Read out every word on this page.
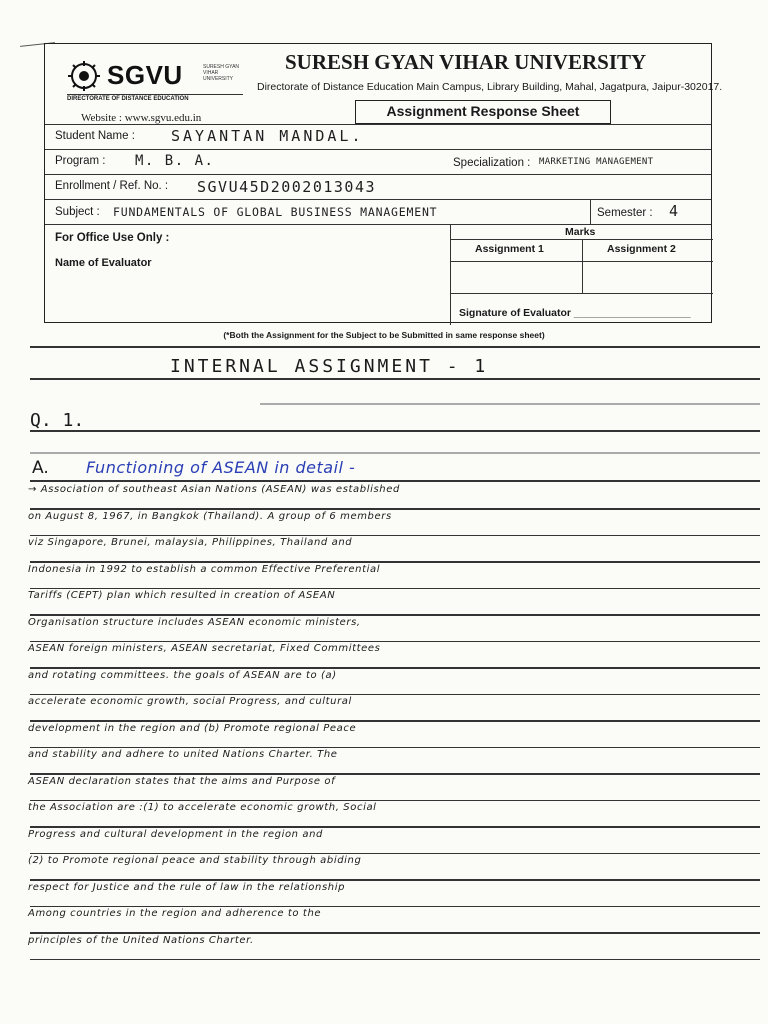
SGVU	SURESH GYAN VIHAR UNIVERSITY
DIRECTORATE OF DISTANCE EDUCATION
Website : www.sgvu.edu.in
SURESH GYAN VIHAR UNIVERSITY
Directorate of Distance Education Main Campus, Library Building, Mahal, Jagatpura, Jaipur-302017.
Assignment Response Sheet
Student Name : SAYANTAN MANDAL.
Program : M. B. A.	Specialization : MARKETING MANAGEMENT
Enrollment / Ref. No. : SGVU45D2002013043
Subject : FUNDAMENTALS OF GLOBAL BUSINESS MANAGEMENT	Semester : 4
For Office Use Only :
Name of Evaluator
Marks
Assignment 1	Assignment 2
Signature of Evaluator ____________________
(*Both the Assignment for the Subject to be Submitted in same response sheet)
INTERNAL ASSIGNMENT - 1
Q. 1.
A. Functioning of ASEAN in detail -
→ Association of southeast Asian Nations (ASEAN) was established
on August 8, 1967, in Bangkok (Thailand). A group of 6 members
viz Singapore, Brunei, malaysia, Philippines, Thailand and
Indonesia in 1992 to establish a common Effective Preferential
Tariffs (CEPT) plan which resulted in creation of ASEAN
Organisation structure includes ASEAN economic ministers,
ASEAN foreign ministers, ASEAN secretariat, Fixed Committees
and rotating committees. the goals of ASEAN are to (a)
accelerate economic growth, social Progress, and cultural
development in the region and (b) Promote regional Peace
and stability and adhere to united Nations Charter. The
ASEAN declaration states that the aims and Purpose of
the Association are :(1) to accelerate economic growth, Social
Progress and cultural development in the region and
(2) to Promote regional peace and stability through abiding
respect for Justice and the rule of law in the relationship
Among countries in the region and adherence to the
principles of the United Nations Charter.
